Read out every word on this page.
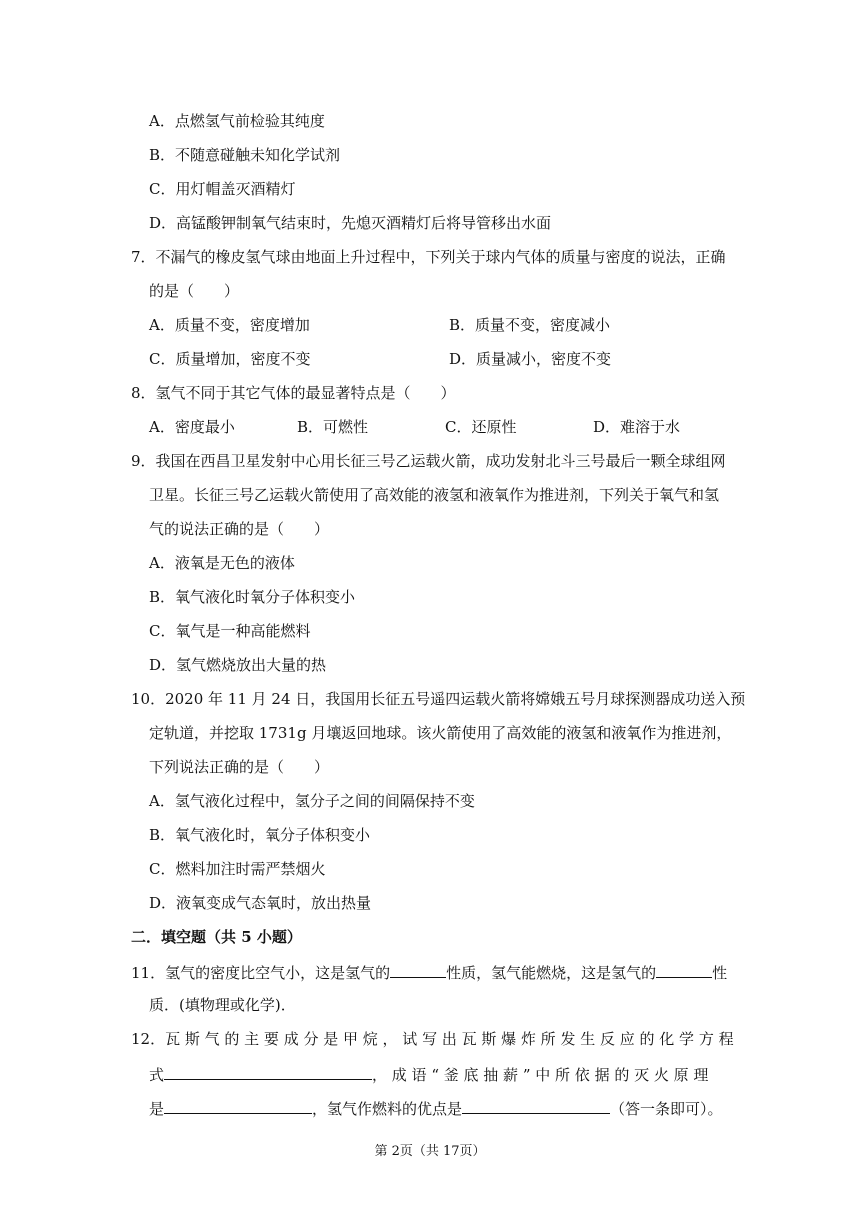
A．点燃氢气前检验其纯度
B．不随意碰触未知化学试剂
C．用灯帽盖灭酒精灯
D．高锰酸钾制氧气结束时，先熄灭酒精灯后将导管移出水面
7．不漏气的橡皮氢气球由地面上升过程中，下列关于球内气体的质量与密度的说法，正确
的是（　　）
A．质量不变，密度增加	B．质量不变，密度减小
C．质量增加，密度不变	D．质量减小，密度不变
8．氢气不同于其它气体的最显著特点是（　　）
A．密度最小	B．可燃性	C．还原性	D．难溶于水
9．我国在西昌卫星发射中心用长征三号乙运载火箭，成功发射北斗三号最后一颗全球组网
卫星。长征三号乙运载火箭使用了高效能的液氢和液氧作为推进剂，下列关于氧气和氢
气的说法正确的是（　　）
A．液氧是无色的液体
B．氧气液化时氧分子体积变小
C．氧气是一种高能燃料
D．氢气燃烧放出大量的热
10．2020 年 11 月 24 日，我国用长征五号遥四运载火箭将嫦娥五号月球探测器成功送入预
定轨道，并挖取 1731g 月壤返回地球。该火箭使用了高效能的液氢和液氧作为推进剂，
下列说法正确的是（　　）
A．氢气液化过程中，氢分子之间的间隔保持不变
B．氧气液化时，氧分子体积变小
C．燃料加注时需严禁烟火
D．液氧变成气态氧时，放出热量
二．填空题（共 5 小题）
11．氢气的密度比空气小，这是氢气的	性质，氢气能燃烧，这是氢气的	性
质．(填物理或化学)．
12．瓦 斯 气 的 主 要 成 分 是 甲 烷 ， 试 写 出 瓦 斯 爆 炸 所 发 生 反 应 的 化 学 方 程
式	， 成 语 “ 釜 底 抽 薪 ” 中 所 依 据 的 灭 火 原 理
是	，氢气作燃料的优点是	（答一条即可）。
第 2页（共 17页）
